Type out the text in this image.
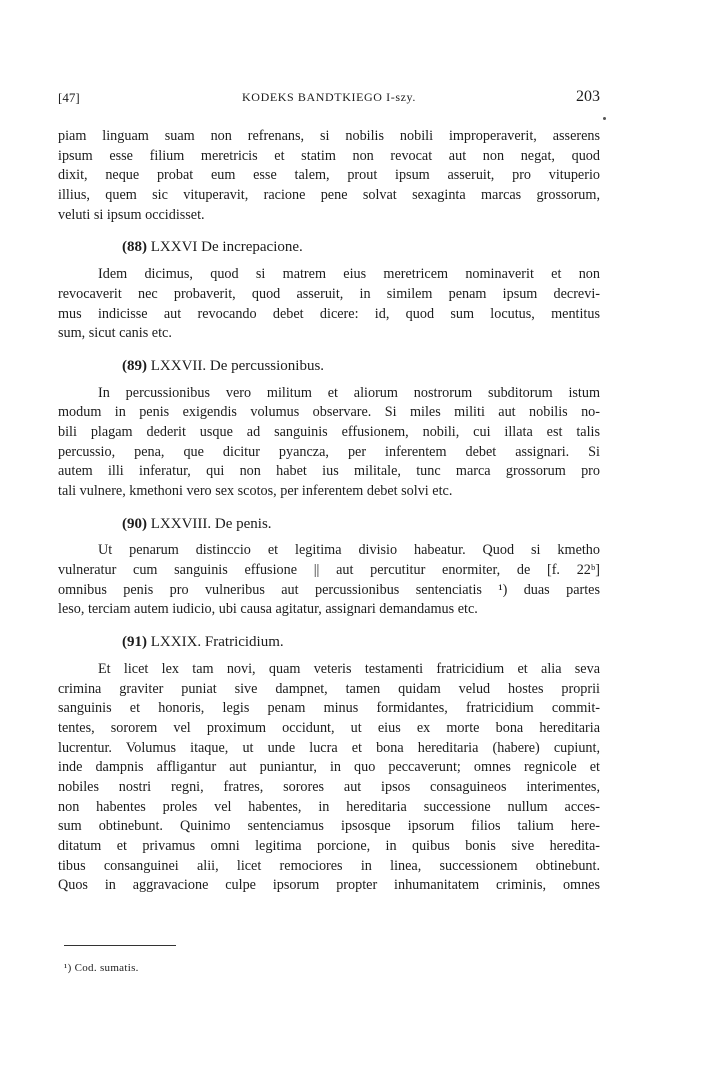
[47]	KODEKS BANDTKIEGO I-szy.	203
piam linguam suam non refrenans, si nobilis nobili improperaverit, asserens
ipsum esse filium meretricis et statim non revocat aut non negat, quod
dixit, neque probat eum esse talem, prout ipsum asseruit, pro vituperio
illius, quem sic vituperavit, racione pene solvat sexaginta marcas grossorum,
veluti si ipsum occidisset.
(88) LXXVI De increpacione.
Idem dicimus, quod si matrem eius meretricem nominaverit et non
revocaverit nec probaverit, quod asseruit, in similem penam ipsum decrevi-
mus indicisse aut revocando debet dicere: id, quod sum locutus, mentitus
sum, sicut canis etc.
(89) LXXVII. De percussionibus.
In percussionibus vero militum et aliorum nostrorum subditorum istum
modum in penis exigendis volumus observare. Si miles militi aut nobilis no-
bili plagam dederit usque ad sanguinis effusionem, nobili, cui illata est talis
percussio, pena, que dicitur pyancza, per inferentem debet assignari. Si
autem illi inferatur, qui non habet ius militale, tunc marca grossorum pro
tali vulnere, kmethoni vero sex scotos, per inferentem debet solvi etc.
(90) LXXVIII. De penis.
Ut penarum distinccio et legitima divisio habeatur. Quod si kmetho
vulneratur cum sanguinis effusione || aut percutitur enormiter, de [f. 22ᵇ]
omnibus penis pro vulneribus aut percussionibus sentenciatis ¹) duas partes
leso, terciam autem iudicio, ubi causa agitatur, assignari demandamus etc.
(91) LXXIX. Fratricidium.
Et licet lex tam novi, quam veteris testamenti fratricidium et alia seva
crimina graviter puniat sive dampnet, tamen quidam velud hostes proprii
sanguinis et honoris, legis penam minus formidantes, fratricidium commit-
tentes, sororem vel proximum occidunt, ut eius ex morte bona hereditaria
lucrentur. Volumus itaque, ut unde lucra et bona hereditaria (habere) cupiunt,
inde dampnis affligantur aut puniantur, in quo peccaverunt; omnes regnicole et
nobiles nostri regni, fratres, sorores aut ipsos consaguineos interimentes,
non habentes proles vel habentes, in hereditaria successione nullum acces-
sum obtinebunt. Quinimo sentenciamus ipsosque ipsorum filios talium here-
ditatum et privamus omni legitima porcione, in quibus bonis sive heredita-
tibus consanguinei alii, licet remociores in linea, successionem obtinebunt.
Quos in aggravacione culpe ipsorum propter inhumanitatem criminis, omnes
¹) Cod. sumatis.
